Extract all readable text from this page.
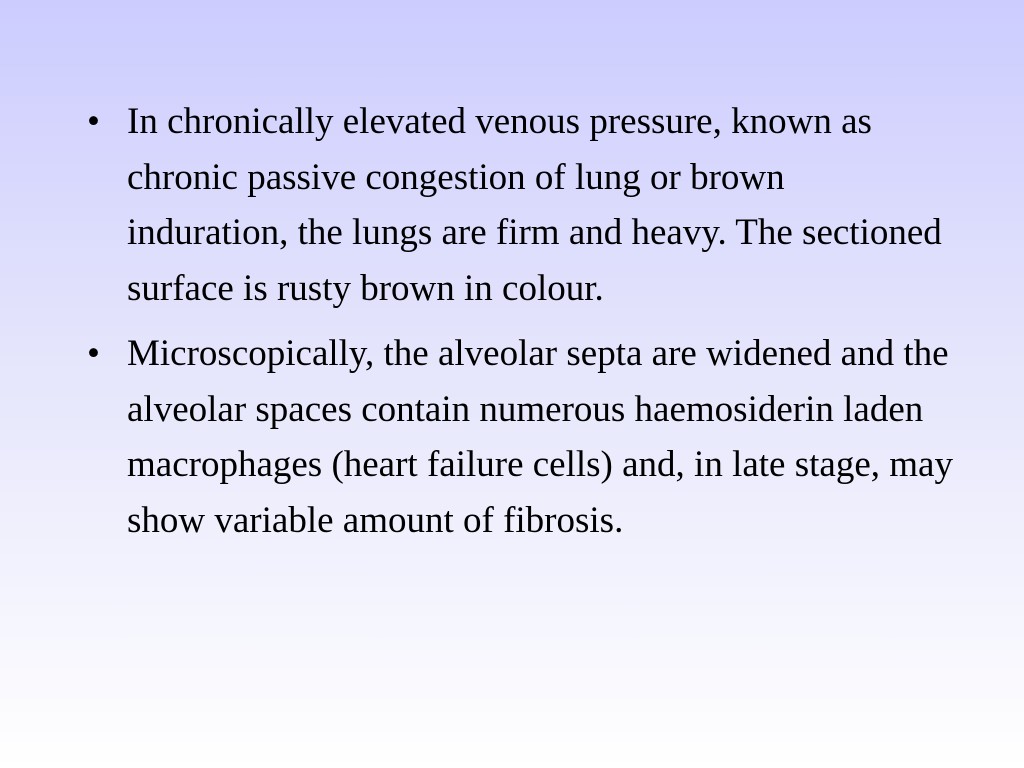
• In chronically elevated venous pressure, known as chronic passive congestion of lung or brown induration, the lungs are firm and heavy. The sectioned surface is rusty brown in colour.
• Microscopically, the alveolar septa are widened and the alveolar spaces contain numerous haemosiderin laden macrophages (heart failure cells) and, in late stage, may show variable amount of fibrosis.
